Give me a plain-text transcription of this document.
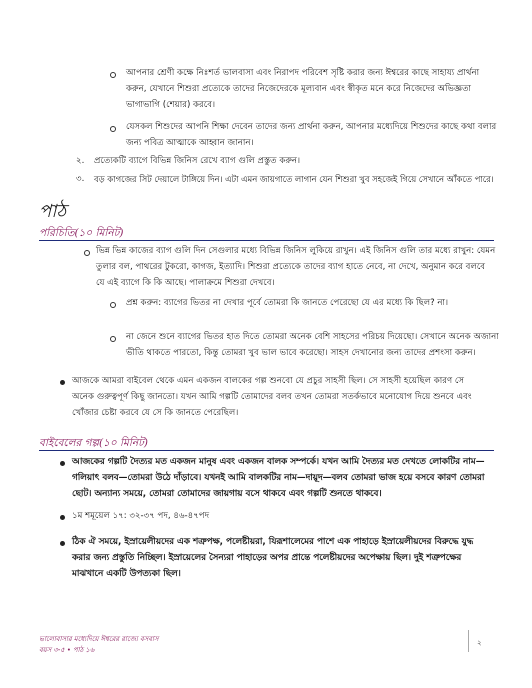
আপনার শ্রেণী কক্ষে নিঃশর্ত ভালবাসা এবং নিরাপদ পরিবেশ সৃষ্টি করার জন্য ঈশ্বরের কাছে সাহায্য প্রার্থনা
করুন, যেখানে শিশুরা প্রত্যেকে তাদের নিজেদেরকে মূল্যবান এবং স্বীকৃত মনে করে নিজেদের অভিজ্ঞতা
ভাগাভাগি (শেয়ার) করবে।
যেসকল শিশুদের আপনি শিক্ষা দেবেন তাদের জন্য প্রার্থনা করুন, আপনার মধ্যেদিয়ে শিশুদের কাছে কথা বলার
জন্য পবিত্র আত্মাকে আহ্বান জানান।
২. প্রত্যেকটি ব্যাগে বিভিন্ন জিনিস রেখে ব্যাগ গুলি প্রস্তুত করুন।
৩. বড় কাগজের সিট দেয়ালে টাঙ্গিয়ে দিন। এটা এমন জায়গাতে লাগান যেন শিশুরা খুব সহজেই গিয়ে সেখানে আঁকতে পারে।
পাঠ
পরিচিতি(১০ মিনিট)
ভিন্ন ভিন্ন কাজের ব্যাগ গুলি দিন সেগুলার মধ্যে বিভিন্ন জিনিস লুকিয়ে রাখুন। এই জিনিস গুলি তার মধ্যে রাখুন: যেমন
তুলার বল, পাথরের টুকরো, কাগজ, ইত্যাদি। শিশুরা প্রত্যেকে তাদের ব্যাগ হাতে নেবে, না দেখে, অনুমান করে বলবে
যে এই ব্যাগে কি কি আছে। পালাক্রমে শিশুরা দেখবে।
প্রশ্ন করুন: ব্যাগের ভিতর না দেখার পূর্বে তোমরা কি জানতে পেরেছো যে এর মধ্যে কি ছিল? না।
না জেনে শুনে ব্যাগের ভিতর হাত দিতে তোমরা অনেক বেশি সাহসের পরিচয় দিয়েছো। সেখানে অনেক অজানা
ভীতি থাকতে পারতো, কিন্তু তোমরা খুব ভাল ভাবে করেছো। সাহস দেখানোর জন্য তাদের প্রশংসা করুন।
আজকে আমরা বাইবেল থেকে এমন একজন বালকের গল্প শুনবো যে প্রচুর সাহসী ছিল। সে সাহসী হয়েছিল কারণ সে
অনেক গুরুত্বপূর্ণ কিছু জানতো। যখন আমি গল্পটি তোমাদের বলব তখন তোমরা সতর্কভাবে মনোযোগ দিয়ে শুনবে এবং
খোঁজার চেষ্টা করবে যে সে কি জানতে পেরেছিল।
বাইবেলের গল্প(১০ মিনিট)
আজকের গল্পটি দৈত্যর মত একজন মানুষ এবং একজন বালক সম্পর্কে। যখন আমি দৈত্যর মত দেখতে লোকটির নাম—
গলিয়াৎ বলব—তোমরা উঠে দাঁড়াবে। যখনই আমি বালকটির নাম—দায়ূদ—বলব তোমরা ভাজ হয়ে বসবে কারণ তোমরা
ছোট। অন্যান্য সময়ে, তোমরা তোমাদের জায়গায় বসে থাকবে এবং গল্পটি শুনতে থাকবে।
১ম শমূয়েল ১৭: ৩২-৩৭ পদ, ৪৬-৪৭পদ
ঠিক ঐ সময়ে, ইস্রায়েলীয়দের এক শত্রুপক্ষ, পলেষ্টীয়রা, যিরূশালেমের পাশে এক পাহাড়ে ইস্রায়েলীয়দের বিরুদ্ধে যুদ্ধ
করার জন্য প্রস্তুতি নিচ্ছিল। ইস্রায়েলের সৈন্যরা পাহাড়ের অপর প্রান্তে পলেষ্টীয়দের অপেক্ষায় ছিল। দুই শত্রুপক্ষের
মাঝখানে একটি উপত্যকা ছিল।
ভালোবাসার মধ্যেদিয়ে ঈশ্বরের রাজ্যে বসবাস
বয়স ৩-৫ • পাঠ ১৬
২
